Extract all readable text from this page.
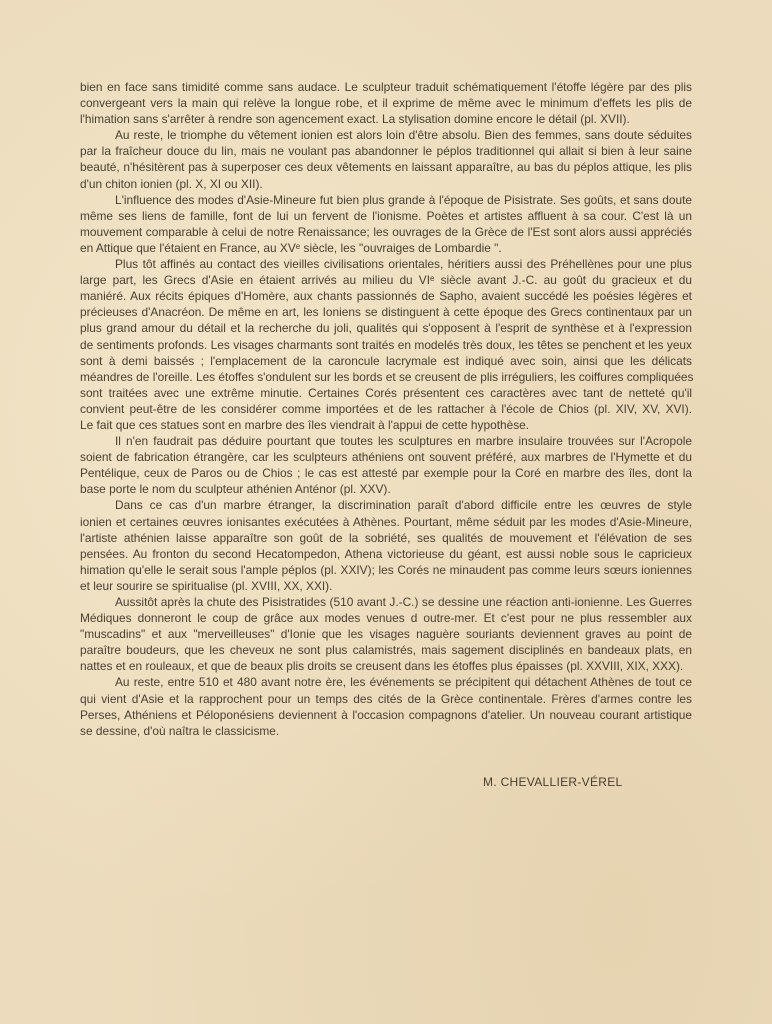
bien en face sans timidité comme sans audace. Le sculpteur traduit schématiquement l'étoffe légère par des plis
convergeant vers la main qui relève la longue robe, et il exprime de même avec le minimum d'effets les plis de
l'himation sans s'arrêter à rendre son agencement exact. La stylisation domine encore le détail (pl. XVII).
Au reste, le triomphe du vêtement ionien est alors loin d'être absolu. Bien des femmes, sans doute séduites
par la fraîcheur douce du lin, mais ne voulant pas abandonner le péplos traditionnel qui allait si bien à leur saine
beauté, n'hésitèrent pas à superposer ces deux vêtements en laissant apparaître, au bas du péplos attique, les plis
d'un chiton ionien (pl. X, XI ou XII).
L'influence des modes d'Asie-Mineure fut bien plus grande à l'époque de Pisistrate. Ses goûts, et sans doute
même ses liens de famille, font de lui un fervent de l'ionisme. Poètes et artistes affluent à sa cour. C'est là un
mouvement comparable à celui de notre Renaissance; les ouvrages de la Grèce de l'Est sont alors aussi appréciés
en Attique que l'étaient en France, au XVᵉ siècle, les "ouvraiges de Lombardie ".
Plus tôt affinés au contact des vieilles civilisations orientales, héritiers aussi des Préhellènes pour une plus
large part, les Grecs d'Asie en étaient arrivés au milieu du VIᵉ siècle avant J.-C. au goût du gracieux et du
maniéré. Aux récits épiques d'Homère, aux chants passionnés de Sapho, avaient succédé les poésies légères et
précieuses d'Anacréon. De même en art, les Ioniens se distinguent à cette époque des Grecs continentaux par un
plus grand amour du détail et la recherche du joli, qualités qui s'opposent à l'esprit de synthèse et à l'expression
de sentiments profonds. Les visages charmants sont traités en modelés très doux, les têtes se penchent et les yeux
sont à demi baissés ; l'emplacement de la caroncule lacrymale est indiqué avec soin, ainsi que les délicats
méandres de l'oreille. Les étoffes s'ondulent sur les bords et se creusent de plis irréguliers, les coiffures compliquées
sont traitées avec une extrême minutie. Certaines Corés présentent ces caractères avec tant de netteté qu'il
convient peut-être de les considérer comme importées et de les rattacher à l'école de Chios (pl. XIV, XV, XVI).
Le fait que ces statues sont en marbre des îles viendrait à l'appui de cette hypothèse.
Il n'en faudrait pas déduire pourtant que toutes les sculptures en marbre insulaire trouvées sur l'Acropole
soient de fabrication étrangère, car les sculpteurs athéniens ont souvent préféré, aux marbres de l'Hymette et du
Pentélique, ceux de Paros ou de Chios ; le cas est attesté par exemple pour la Coré en marbre des îles, dont la
base porte le nom du sculpteur athénien Anténor (pl. XXV).
Dans ce cas d'un marbre étranger, la discrimination paraît d'abord difficile entre les œuvres de style
ionien et certaines œuvres ionisantes exécutées à Athènes. Pourtant, même séduit par les modes d'Asie-Mineure,
l'artiste athénien laisse apparaître son goût de la sobriété, ses qualités de mouvement et l'élévation de ses
pensées. Au fronton du second Hecatompedon, Athena victorieuse du géant, est aussi noble sous le capricieux
himation qu'elle le serait sous l'ample péplos (pl. XXIV); les Corés ne minaudent pas comme leurs sœurs ioniennes
et leur sourire se spiritualise (pl. XVIII, XX, XXI).
Aussitôt après la chute des Pisistratides (510 avant J.-C.) se dessine une réaction anti-ionienne. Les Guerres
Médiques donneront le coup de grâce aux modes venues d outre-mer. Et c'est pour ne plus ressembler aux
"muscadins" et aux "merveilleuses" d'Ionie que les visages naguère souriants deviennent graves au point de
paraître boudeurs, que les cheveux ne sont plus calamistrés, mais sagement disciplinés en bandeaux plats, en
nattes et en rouleaux, et que de beaux plis droits se creusent dans les étoffes plus épaisses (pl. XXVIII, XIX, XXX).
Au reste, entre 510 et 480 avant notre ère, les événements se précipitent qui détachent Athènes de tout ce
qui vient d'Asie et la rapprochent pour un temps des cités de la Grèce continentale. Frères d'armes contre les
Perses, Athéniens et Péloponésiens deviennent à l'occasion compagnons d'atelier. Un nouveau courant artistique
se dessine, d'où naîtra le classicisme.
M. CHEVALLIER-VÉREL
